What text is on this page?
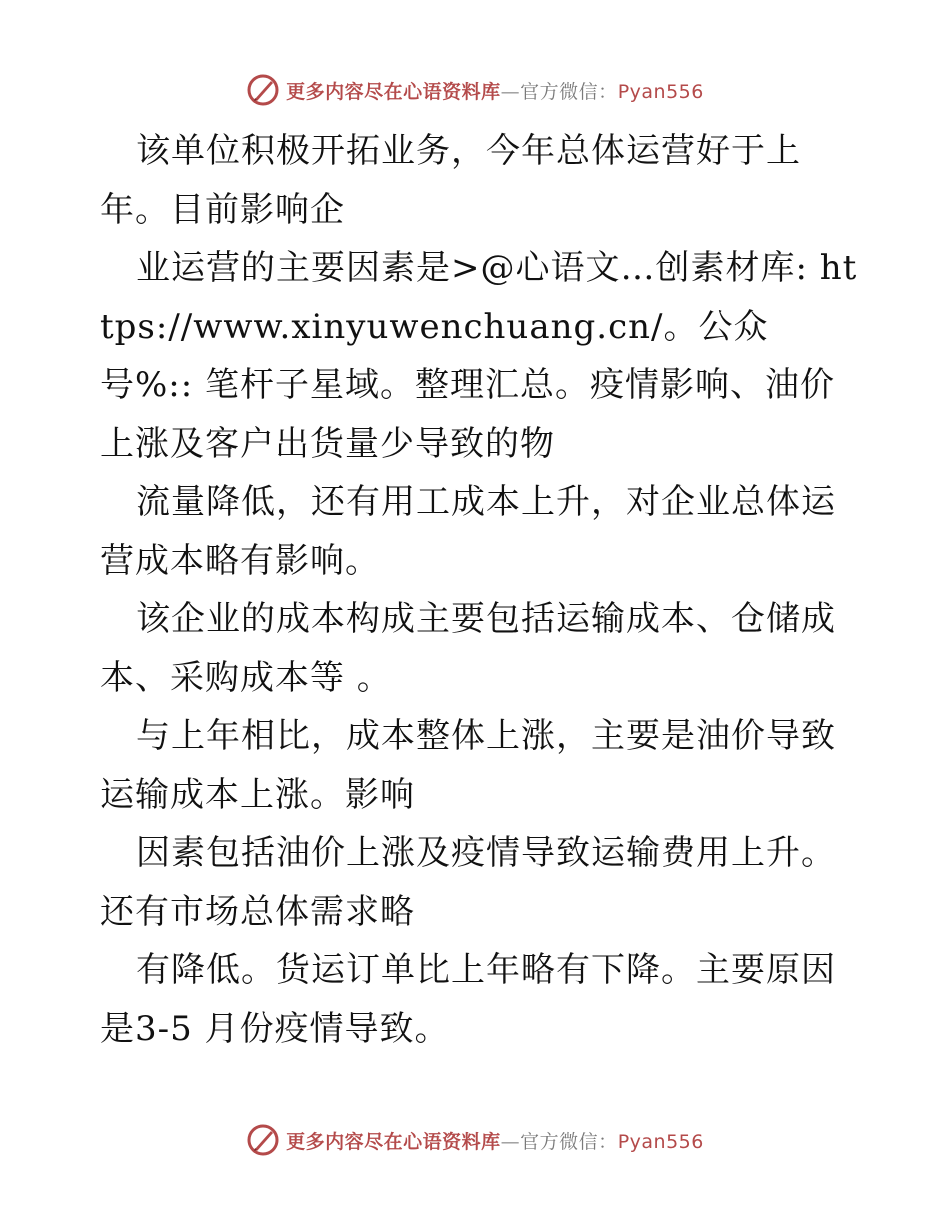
更多内容尽在心语资料库—官方微信：Pyan556

该单位积极开拓业务，今年总体运营好于上年。目前影响企

业运营的主要因素是>@心语文…创素材库: https://www.xinyuwenchuang.cn/。公众号%:: 笔杆子星域。整理汇总。疫情影响、油价上涨及客户出货量少导致的物

流量降低，还有用工成本上升，对企业总体运营成本略有影响。

该企业的成本构成主要包括运输成本、仓储成本、采购成本等 。

与上年相比，成本整体上涨，主要是油价导致运输成本上涨。影响

因素包括油价上涨及疫情导致运输费用上升。还有市场总体需求略

有降低。货运订单比上年略有下降。主要原因是3-5 月份疫情导致。

更多内容尽在心语资料库—官方微信：Pyan556
